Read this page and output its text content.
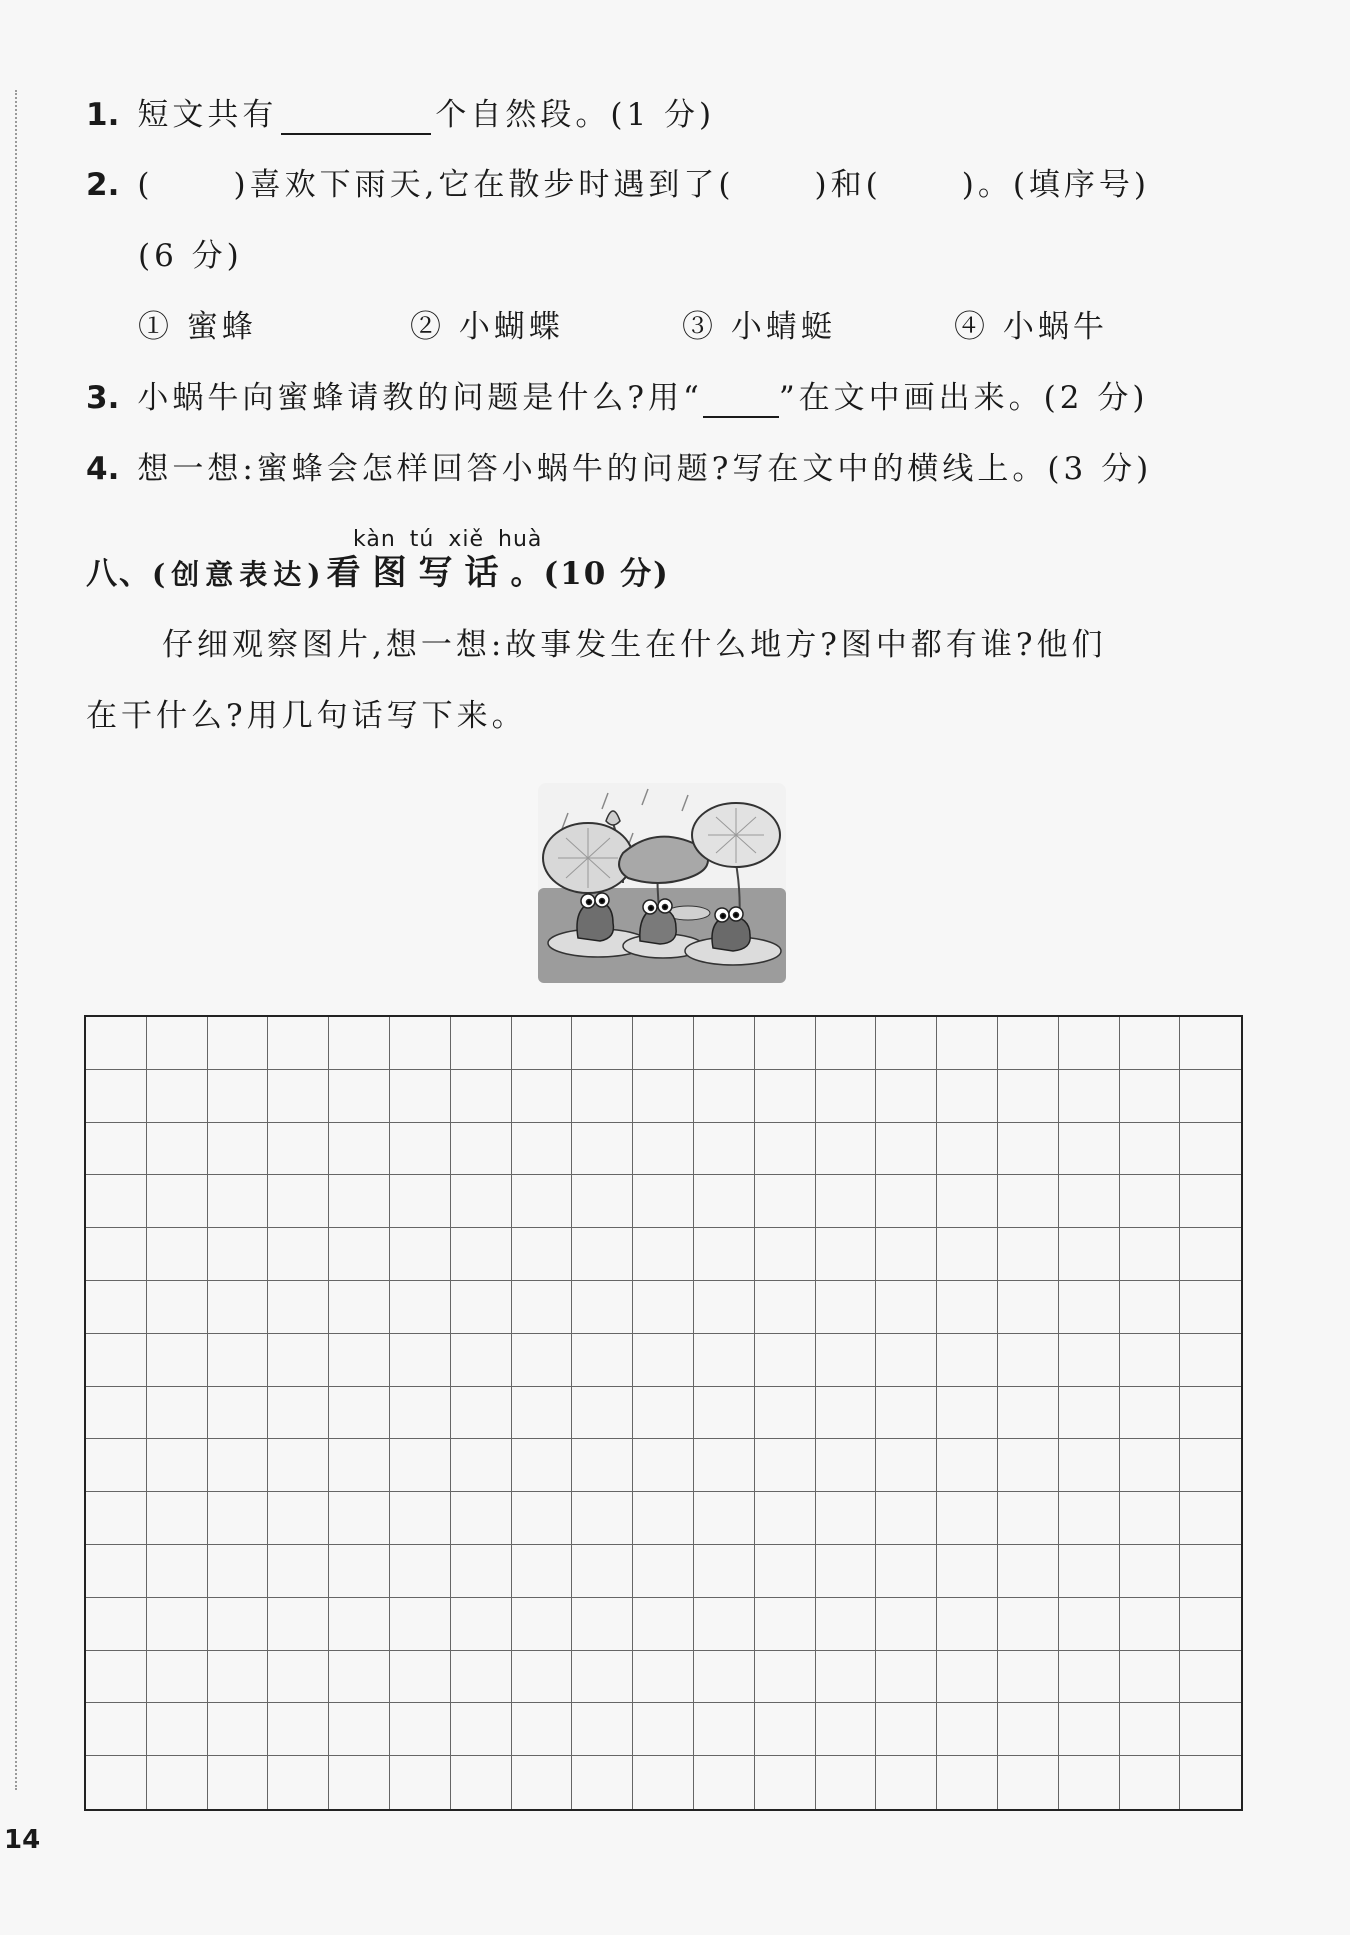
1. 短文共有	个自然段。(1 分)
2. (	)喜欢下雨天,它在散步时遇到了(	)和(	)。(填序号)
(6 分)
① 蜜蜂	② 小蝴蝶	③ 小蜻蜓	④ 小蜗牛
3. 小蜗牛向蜜蜂请教的问题是什么?用“ ”在文中画出来。(2 分)
4. 想一想:蜜蜂会怎样回答小蜗牛的问题?写在文中的横线上。(3 分)
kàn tú xiě huà
八、(创意表达)看图写话。(10 分)
仔细观察图片,想一想:故事发生在什么地方?图中都有谁?他们
在干什么?用几句话写下来。
14
